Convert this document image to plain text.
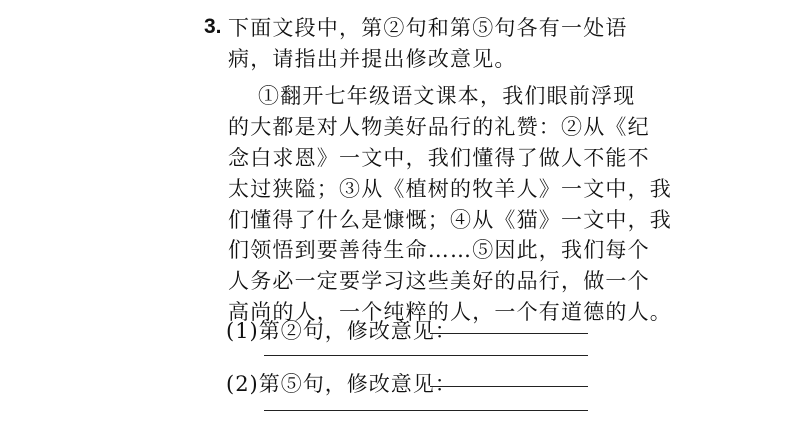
3. 下面文段中，第②句和第⑤句各有一处语
病，请指出并提出修改意见。
①翻开七年级语文课本，我们眼前浮现
的大都是对人物美好品行的礼赞：②从《纪
念白求恩》一文中，我们懂得了做人不能不
太过狭隘；③从《植树的牧羊人》一文中，我
们懂得了什么是慷慨；④从《猫》一文中，我
们领悟到要善待生命……⑤因此，我们每个
人务必一定要学习这些美好的品行，做一个
高尚的人，一个纯粹的人，一个有道德的人。
(1)第②句，修改意见：
(2)第⑤句，修改意见：
